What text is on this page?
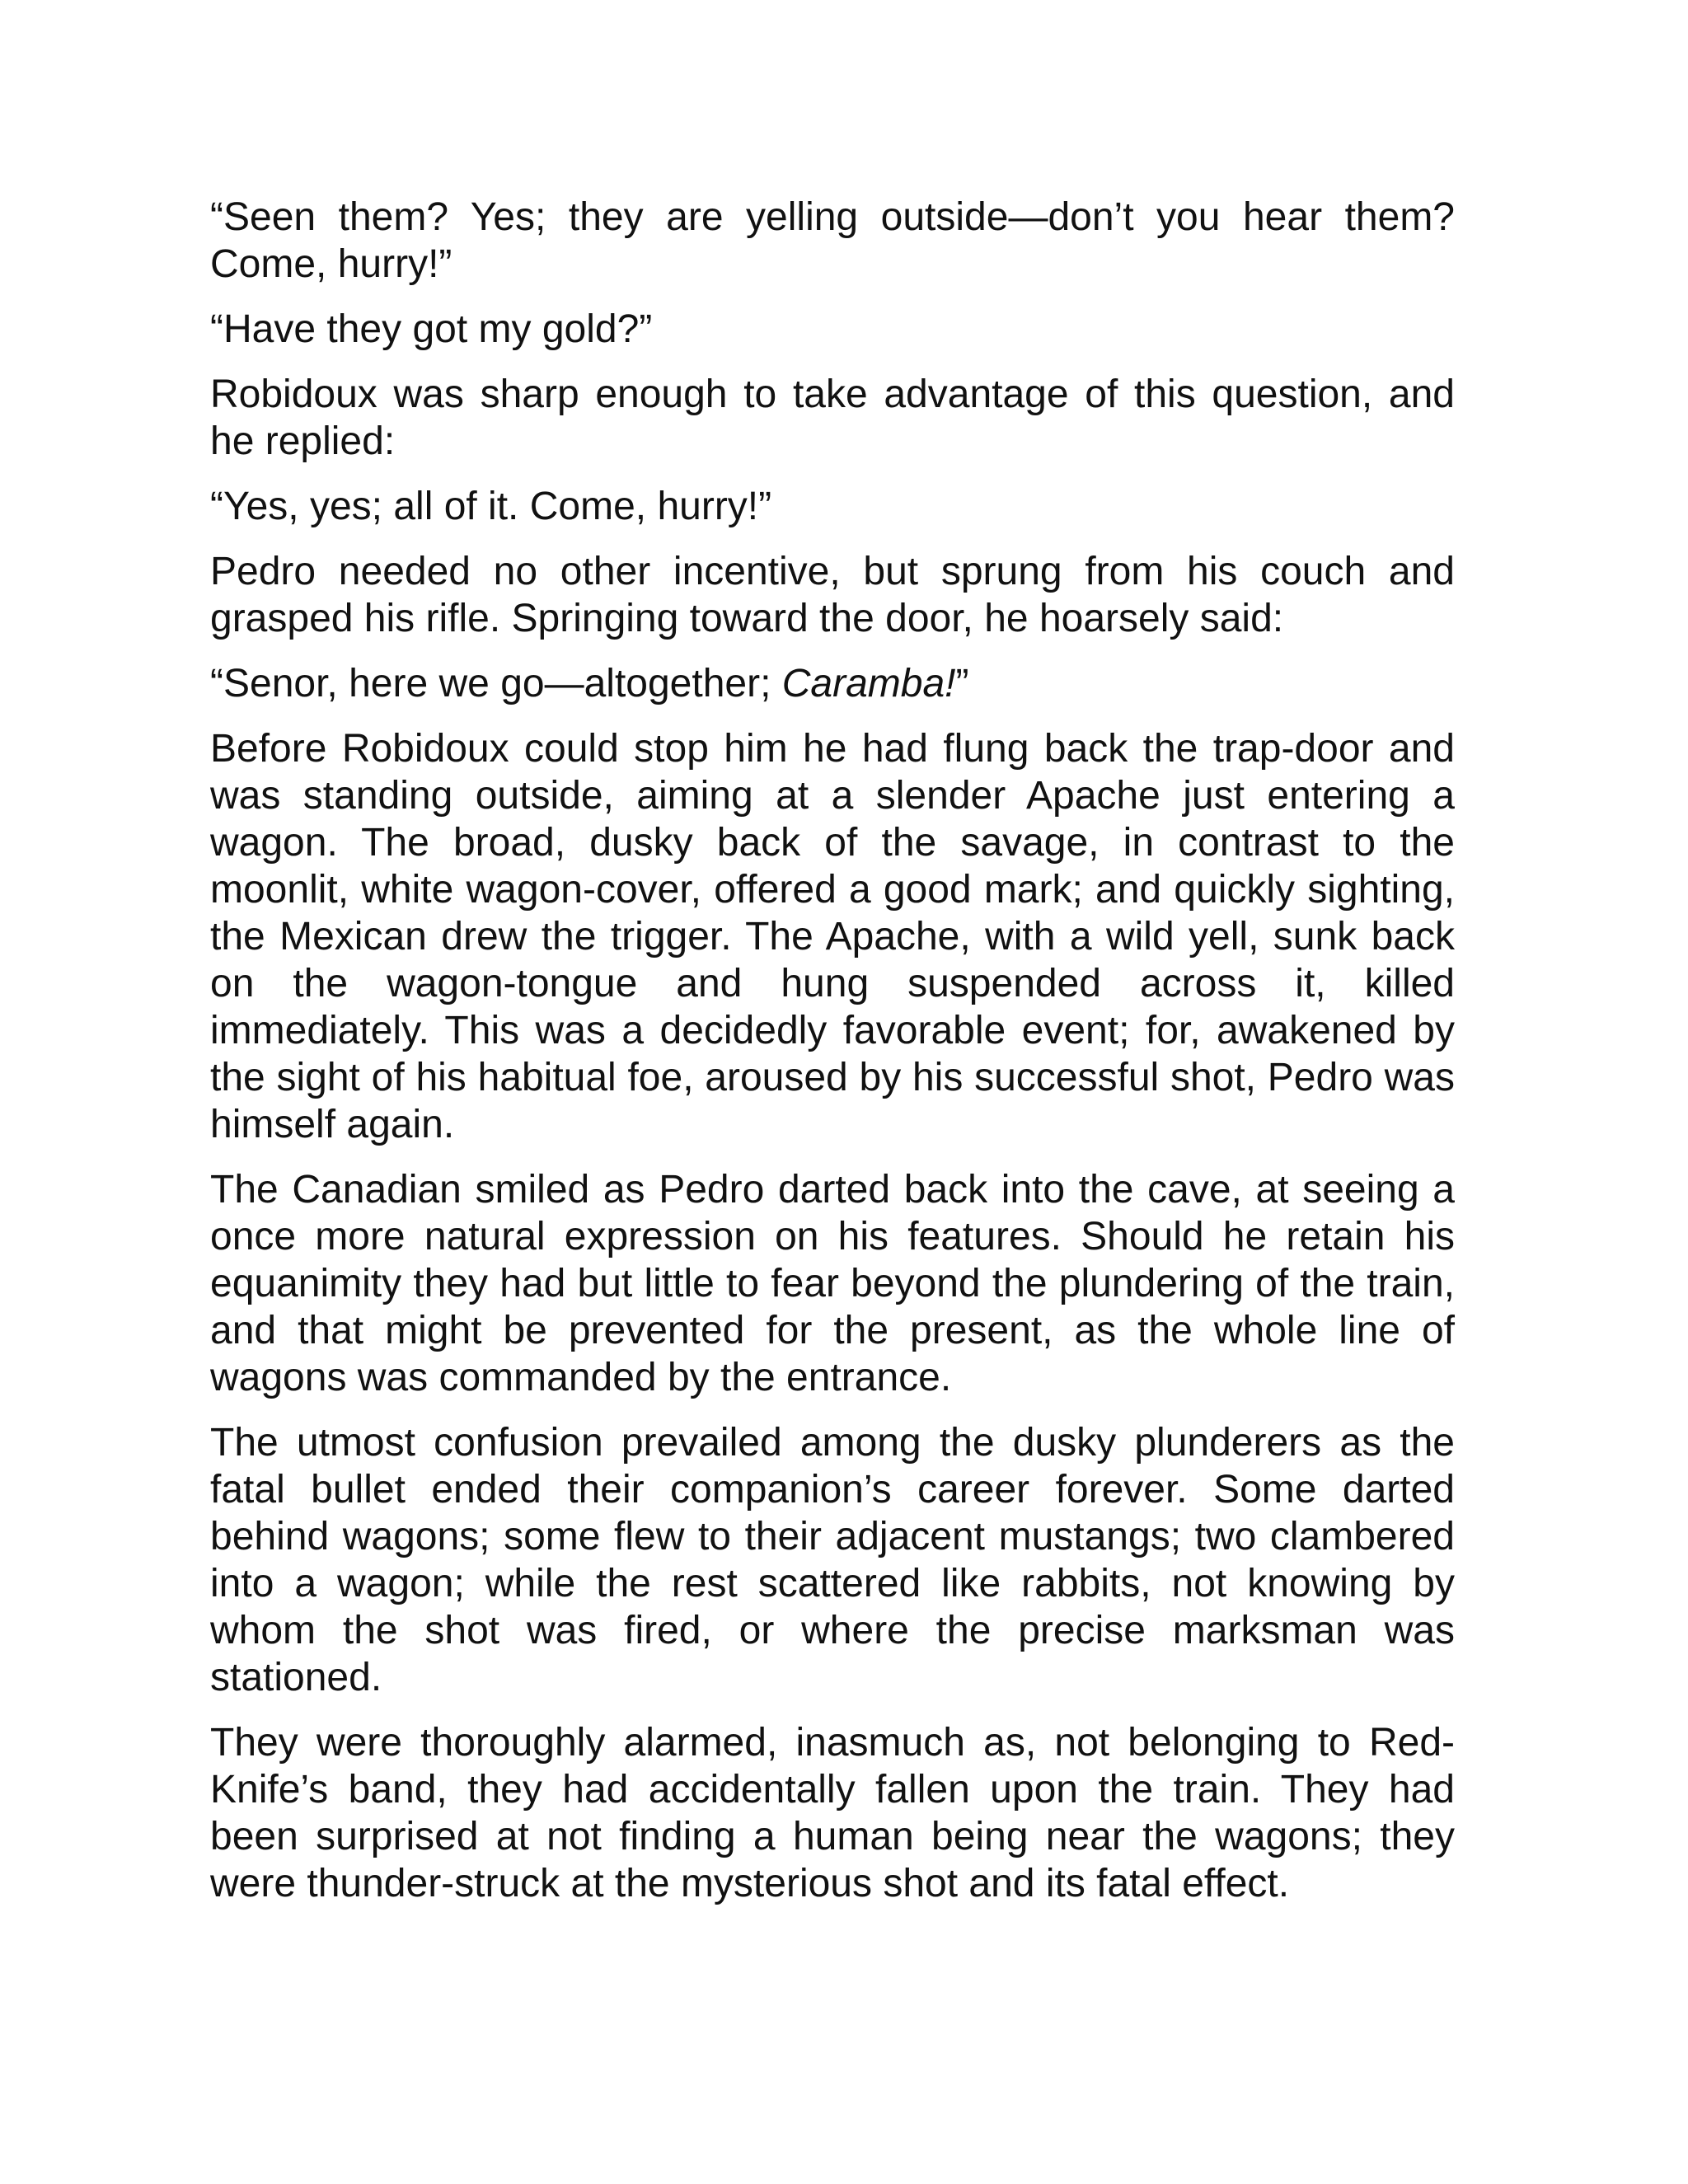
“Seen them? Yes; they are yelling outside—don’t you hear them? Come, hurry!”

“Have they got my gold?”

Robidoux was sharp enough to take advantage of this question, and he replied:

“Yes, yes; all of it. Come, hurry!”

Pedro needed no other incentive, but sprung from his couch and grasped his rifle. Springing toward the door, he hoarsely said:

“Senor, here we go—altogether; Caramba!”

Before Robidoux could stop him he had flung back the trap-door and was standing outside, aiming at a slender Apache just entering a wagon. The broad, dusky back of the savage, in contrast to the moonlit, white wagon-cover, offered a good mark; and quickly sighting, the Mexican drew the trigger. The Apache, with a wild yell, sunk back on the wagon-tongue and hung suspended across it, killed immediately. This was a decidedly favorable event; for, awakened by the sight of his habitual foe, aroused by his successful shot, Pedro was himself again.

The Canadian smiled as Pedro darted back into the cave, at seeing a once more natural expression on his features. Should he retain his equanimity they had but little to fear beyond the plundering of the train, and that might be prevented for the present, as the whole line of wagons was commanded by the entrance.

The utmost confusion prevailed among the dusky plunderers as the fatal bullet ended their companion’s career forever. Some darted behind wagons; some flew to their adjacent mustangs; two clambered into a wagon; while the rest scattered like rabbits, not knowing by whom the shot was fired, or where the precise marksman was stationed.

They were thoroughly alarmed, inasmuch as, not belonging to Red-Knife’s band, they had accidentally fallen upon the train. They had been surprised at not finding a human being near the wagons; they were thunder-struck at the mysterious shot and its fatal effect.
